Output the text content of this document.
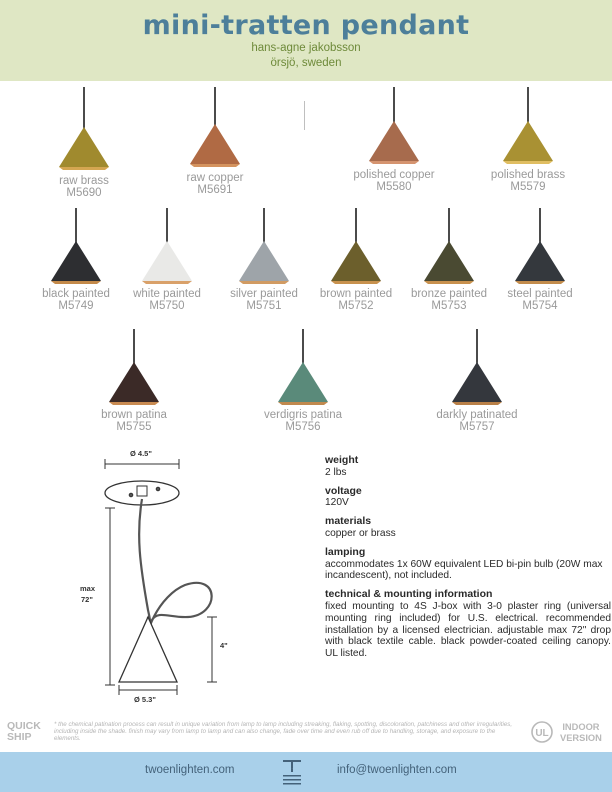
mini-tratten pendant
hans-agne jakobsson
örsjö, sweden
raw brass
M5690
raw copper
M5691
polished copper
M5580
polished brass
M5579
black painted
M5749
white painted
M5750
silver painted
M5751
brown painted
M5752
bronze painted
M5753
steel painted
M5754
brown patina
M5755
verdigris patina
M5756
darkly patinated
M5757
Ø 4.5"
max
72"
4"
Ø 5.3"
weight
2 lbs
voltage
120V
materials
copper or brass
lamping
accommodates 1x 60W equivalent LED bi-pin bulb (20W max incandescent), not included.
technical & mounting information
fixed mounting to 4S J-box with 3-0 plaster ring (universal mounting ring included) for U.S. electrical. recommended installation by a licensed electrician. adjustable max 72" drop with black textile cable. black powder-coated ceiling canopy. UL listed.
QUICK
SHIP
* the chemical patination process can result in unique variation from lamp to lamp including streaking, flaking, spotting, discoloration, patchiness and other irregularities, including inside the shade. finish may vary from lamp to lamp and can also change, fade over time and even rub off due to handling, storage, and exposure to the elements.	UL
INDOOR
VERSION
twoenlighten.com	T	info@twoenlighten.com
